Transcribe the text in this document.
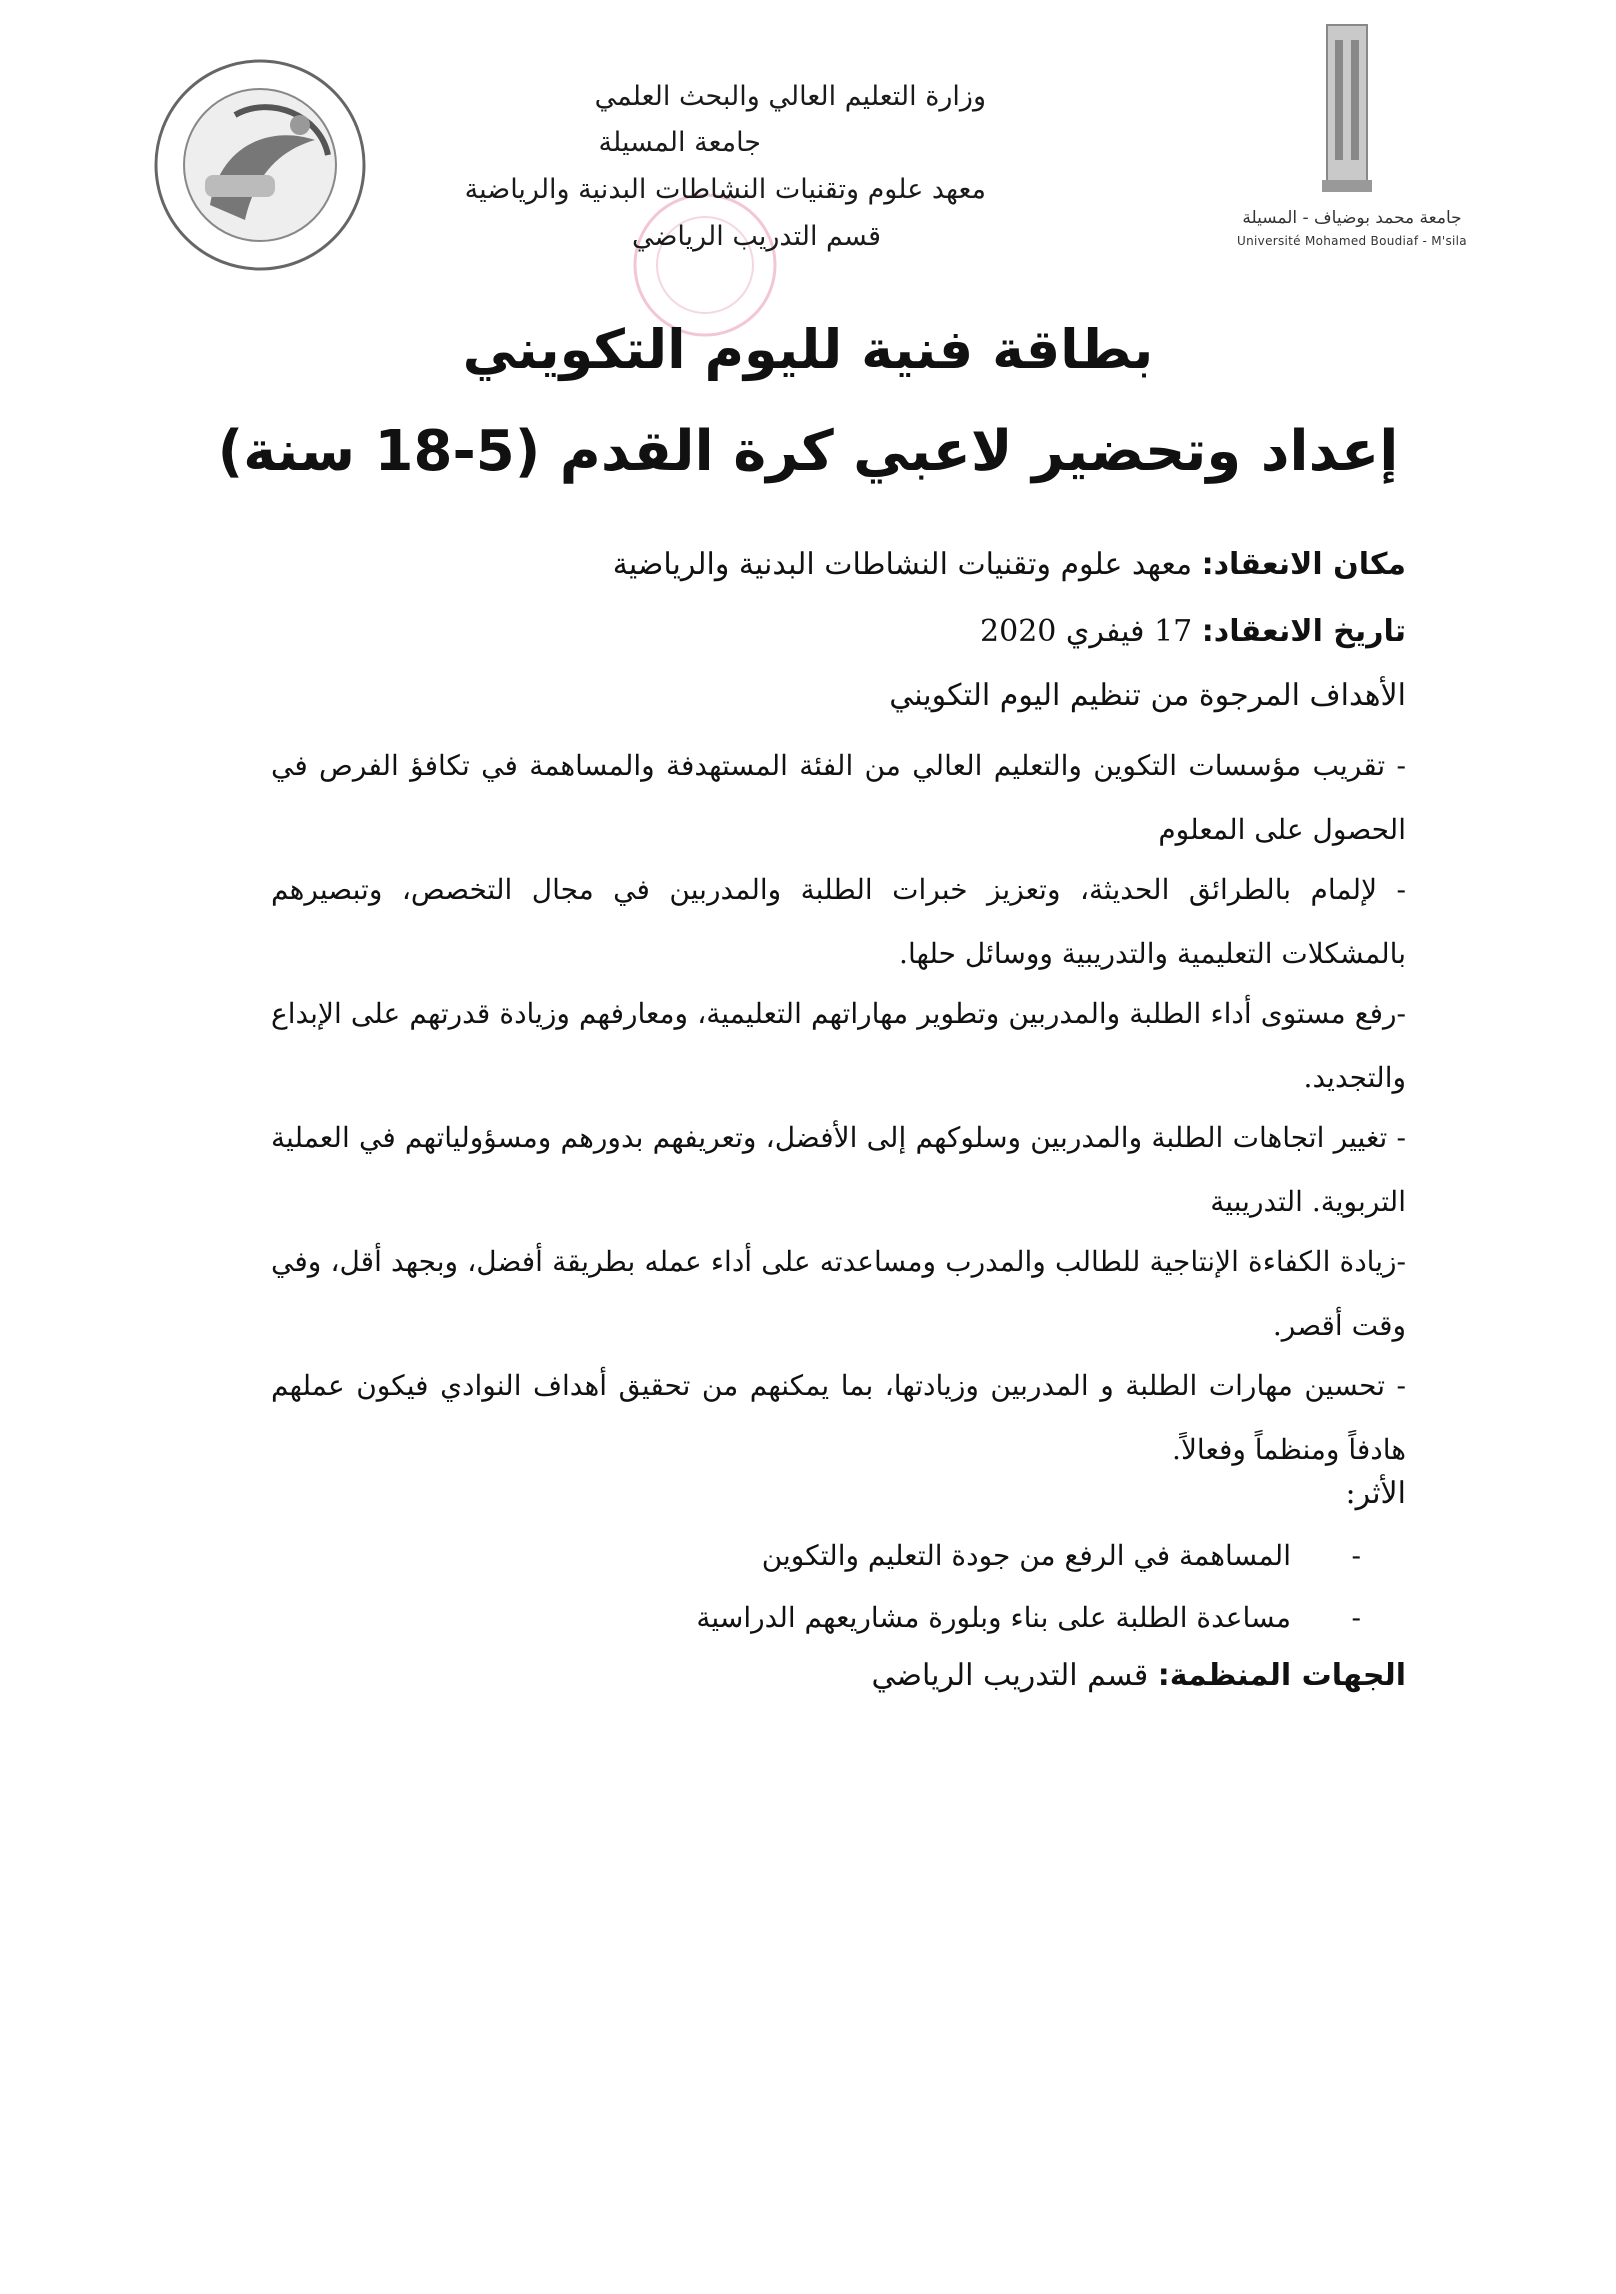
وزارة التعليم العالي والبحث العلمي
جامعة المسيلة
معهد علوم وتقنيات النشاطات البدنية والرياضية
قسم التدريب الرياضي
جامعة محمد بوضياف - المسيلة
Université Mohamed Boudiaf - M'sila
بطاقة فنية لليوم التكويني
إعداد وتحضير لاعبي كرة القدم (5-18 سنة)
مكان الانعقاد: معهد علوم وتقنيات النشاطات البدنية والرياضية
تاريخ الانعقاد: 17 فيفري 2020
الأهداف المرجوة من تنظيم اليوم التكويني
- تقريب مؤسسات التكوين والتعليم العالي من الفئة المستهدفة والمساهمة في تكافؤ الفرص في الحصول على المعلوم
- لإلمام بالطرائق الحديثة، وتعزيز خبرات الطلبة والمدربين في مجال التخصص، وتبصيرهم بالمشكلات التعليمية والتدريبية ووسائل حلها.
-رفع مستوى أداء الطلبة والمدربين وتطوير مهاراتهم التعليمية، ومعارفهم وزيادة قدرتهم على الإبداع والتجديد.
- تغيير اتجاهات الطلبة والمدربين وسلوكهم إلى الأفضل، وتعريفهم بدورهم ومسؤولياتهم في العملية التربوية. التدريبية
-زيادة الكفاءة الإنتاجية للطالب والمدرب ومساعدته على أداء عمله بطريقة أفضل، وبجهد أقل، وفي وقت أقصر.
- تحسين مهارات الطلبة و المدربين وزيادتها، بما يمكنهم من تحقيق أهداف النوادي فيكون عملهم هادفاً ومنظماً وفعالاً.
الأثر:
-المساهمة في الرفع من جودة التعليم والتكوين
-مساعدة الطلبة على بناء وبلورة مشاريعهم الدراسية
الجهات المنظمة: قسم التدريب الرياضي
